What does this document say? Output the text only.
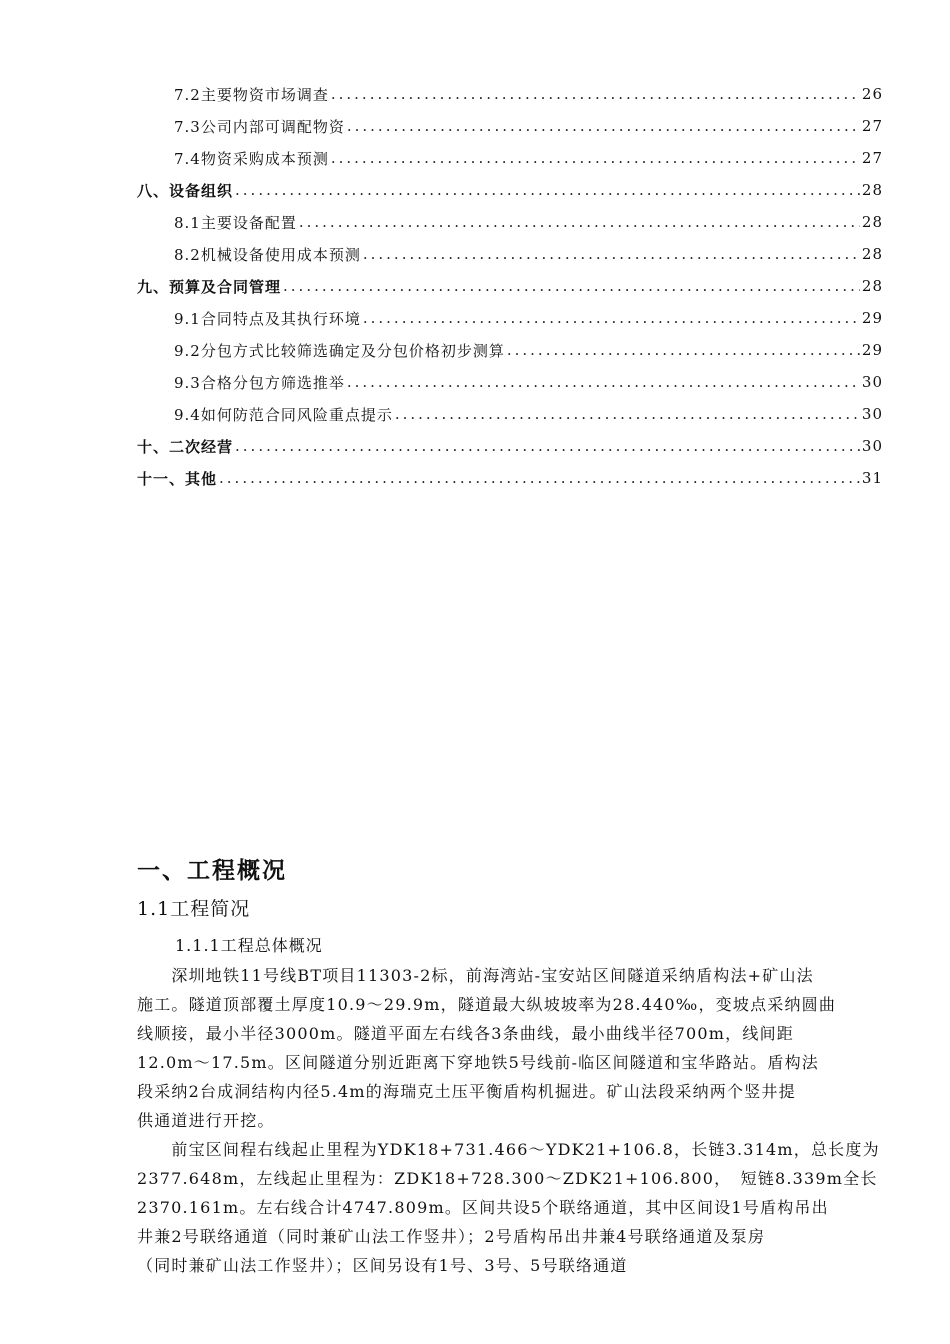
7.2主要物资市场调查 .....	26
7.3公司内部可调配物资 .....	27
7.4物资采购成本预测 .....	27
八、设备组织 .....	28
8.1主要设备配置 .....	28
8.2机械设备使用成本预测 .....	28
九、预算及合同管理 .....	28
9.1合同特点及其执行环境 .....	29
9.2分包方式比较筛选确定及分包价格初步测算 .....	29
9.3合格分包方筛选推举 .....	30
9.4如何防范合同风险重点提示 .....	30
十、二次经营 .....	30
十一、其他 .....	31
一、工程概况
1.1工程简况
1.1.1工程总体概况
　　深圳地铁11号线BT项目11303-2标，前海湾站-宝安站区间隧道采纳盾构法+矿山法
施工。隧道顶部覆土厚度10.9～29.9m，隧道最大纵坡坡率为28.440‰，变坡点采纳圆曲
线顺接，最小半径3000m。隧道平面左右线各3条曲线，最小曲线半径700m，线间距
12.0m～17.5m。区间隧道分别近距离下穿地铁5号线前-临区间隧道和宝华路站。盾构法
段采纳2台成洞结构内径5.4m的海瑞克土压平衡盾构机掘进。矿山法段采纳两个竖井提
供通道进行开挖。
　　前宝区间程右线起止里程为YDK18+731.466～YDK21+106.8，长链3.314m，总长度为
2377.648m，左线起止里程为：ZDK18+728.300～ZDK21+106.800，　短链8.339m全长
2370.161m。左右线合计4747.809m。区间共设5个联络通道，其中区间设1号盾构吊出
井兼2号联络通道（同时兼矿山法工作竖井）；2号盾构吊出井兼4号联络通道及泵房
（同时兼矿山法工作竖井）；区间另设有1号、3号、5号联络通道
